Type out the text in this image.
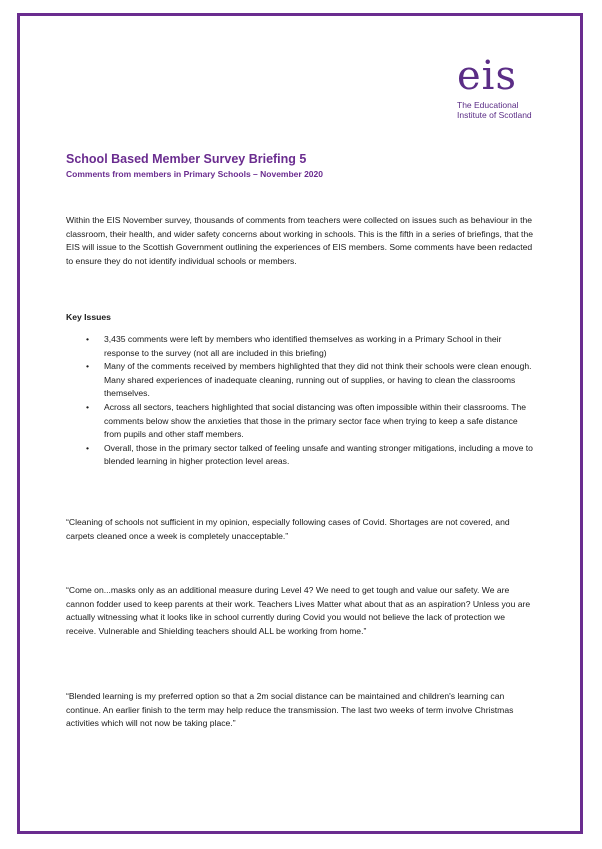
eis
The Educational
Institute of Scotland
School Based Member Survey Briefing 5
Comments from members in Primary Schools – November 2020

Within the EIS November survey, thousands of comments from teachers were collected on issues such as behaviour in the classroom, their health, and wider safety concerns about working in schools. This is the fifth in a series of briefings, that the EIS will issue to the Scottish Government outlining the experiences of EIS members. Some comments have been redacted to ensure they do not identify individual schools or members.

Key Issues
• 3,435 comments were left by members who identified themselves as working in a Primary School in their response to the survey (not all are included in this briefing)
• Many of the comments received by members highlighted that they did not think their schools were clean enough. Many shared experiences of inadequate cleaning, running out of supplies, or having to clean the classrooms themselves.
• Across all sectors, teachers highlighted that social distancing was often impossible within their classrooms. The comments below show the anxieties that those in the primary sector face when trying to keep a safe distance from pupils and other staff members.
• Overall, those in the primary sector talked of feeling unsafe and wanting stronger mitigations, including a move to blended learning in higher protection level areas.

“Cleaning of schools not sufficient in my opinion, especially following cases of Covid. Shortages are not covered, and carpets cleaned once a week is completely unacceptable.”

“Come on...masks only as an additional measure during Level 4? We need to get tough and value our safety. We are cannon fodder used to keep parents at their work. Teachers Lives Matter what about that as an aspiration? Unless you are actually witnessing what it looks like in school currently during Covid you would not believe the lack of protection we receive. Vulnerable and Shielding teachers should ALL be working from home.”

“Blended learning is my preferred option so that a 2m social distance can be maintained and children's learning can continue. An earlier finish to the term may help reduce the transmission. The last two weeks of term involve Christmas activities which will not now be taking place.”
